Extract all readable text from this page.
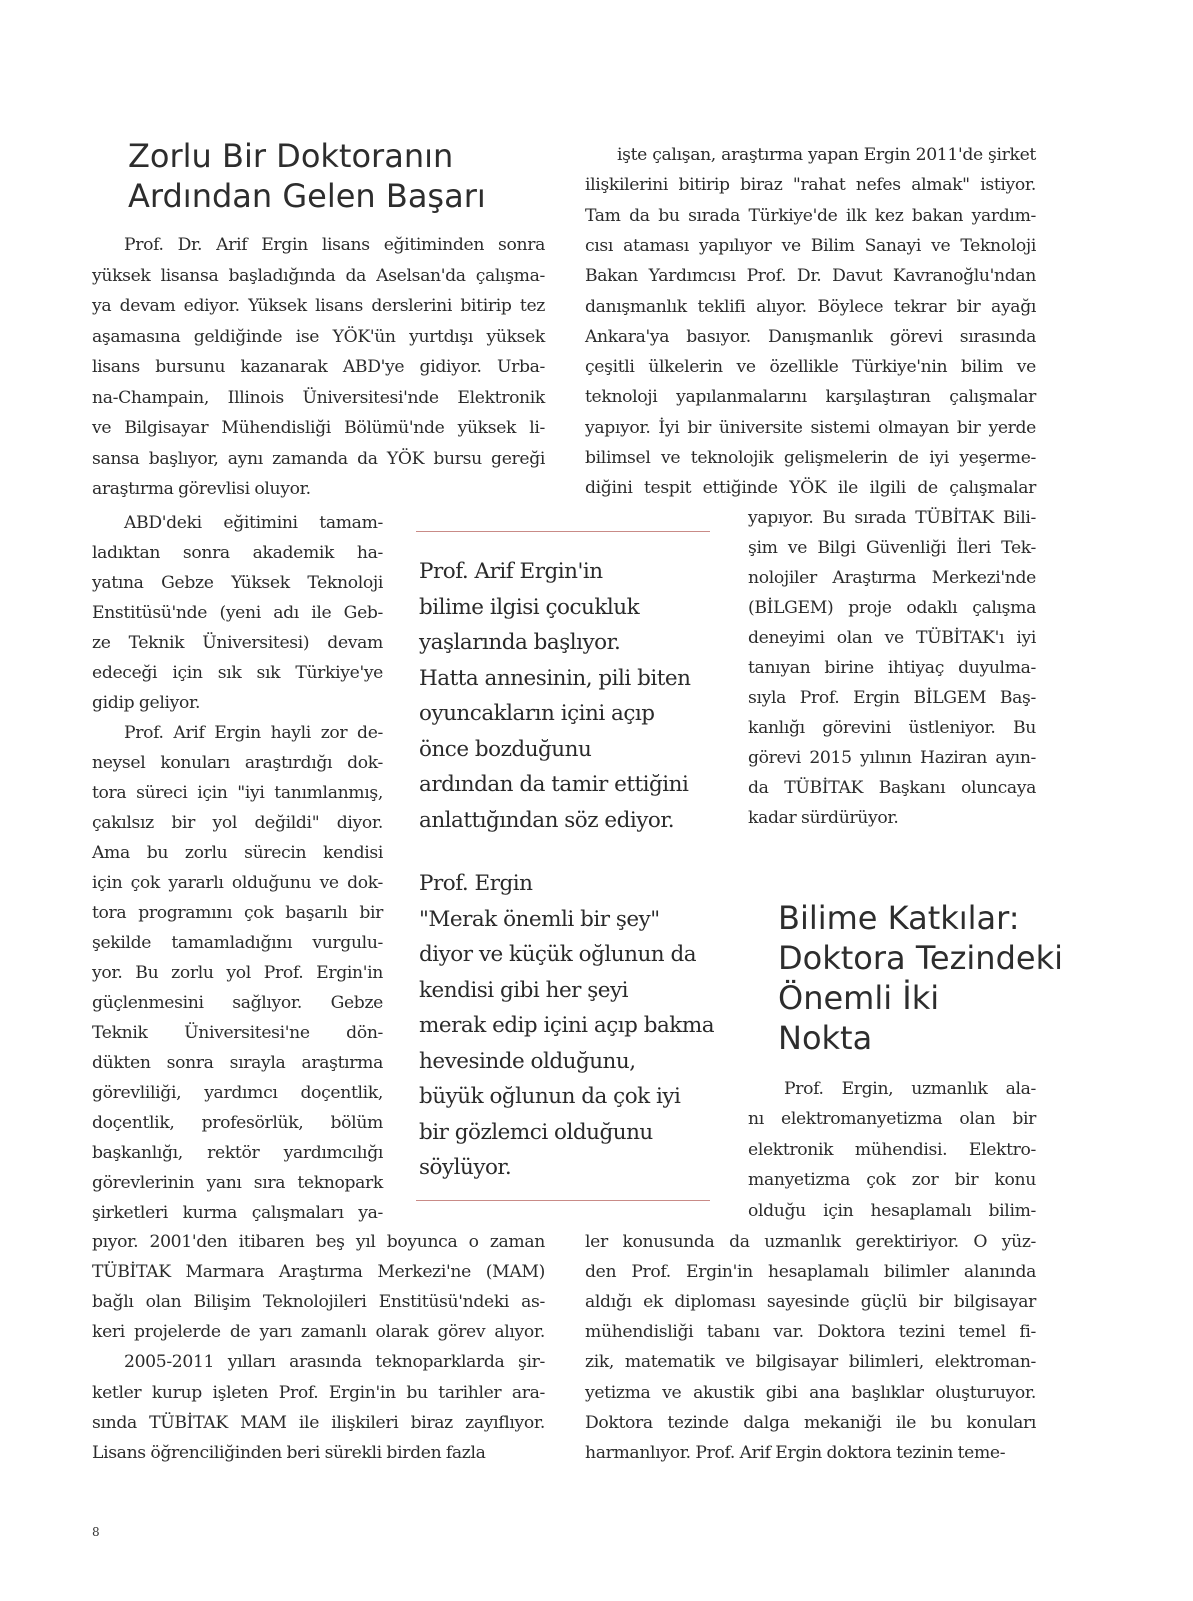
Zorlu Bir Doktoranın
Ardından Gelen Başarı
Prof. Dr. Arif Ergin lisans eğitiminden sonra
yüksek lisansa başladığında da Aselsan'da çalışma-
ya devam ediyor. Yüksek lisans derslerini bitirip tez
aşamasına geldiğinde ise YÖK'ün yurtdışı yüksek
lisans bursunu kazanarak ABD'ye gidiyor. Urba-
na-Champain, Illinois Üniversitesi'nde Elektronik
ve Bilgisayar Mühendisliği Bölümü'nde yüksek li-
sansa başlıyor, aynı zamanda da YÖK bursu gereği
araştırma görevlisi oluyor.
ABD'deki eğitimini tamam-
ladıktan sonra akademik ha-
yatına Gebze Yüksek Teknoloji
Enstitüsü'nde (yeni adı ile Geb-
ze Teknik Üniversitesi) devam
edeceği için sık sık Türkiye'ye
gidip geliyor.
Prof. Arif Ergin hayli zor de-
neysel konuları araştırdığı dok-
tora süreci için "iyi tanımlanmış,
çakılsız bir yol değildi" diyor.
Ama bu zorlu sürecin kendisi
için çok yararlı olduğunu ve dok-
tora programını çok başarılı bir
şekilde tamamladığını vurgulu-
yor. Bu zorlu yol Prof. Ergin'in
güçlenmesini sağlıyor. Gebze
Teknik Üniversitesi'ne dön-
dükten sonra sırayla araştırma
görevliliği, yardımcı doçentlik,
doçentlik, profesörlük, bölüm
başkanlığı, rektör yardımcılığı
görevlerinin yanı sıra teknopark
şirketleri kurma çalışmaları ya-
pıyor. 2001'den itibaren beş yıl boyunca o zaman
TÜBİTAK Marmara Araştırma Merkezi'ne (MAM)
bağlı olan Bilişim Teknolojileri Enstitüsü'ndeki as-
keri projelerde de yarı zamanlı olarak görev alıyor.
2005-2011 yılları arasında teknoparklarda şir-
ketler kurup işleten Prof. Ergin'in bu tarihler ara-
sında TÜBİTAK MAM ile ilişkileri biraz zayıflıyor.
Lisans öğrenciliğinden beri sürekli birden fazla
işte çalışan, araştırma yapan Ergin 2011'de şirket
ilişkilerini bitirip biraz "rahat nefes almak" istiyor.
Tam da bu sırada Türkiye'de ilk kez bakan yardım-
cısı ataması yapılıyor ve Bilim Sanayi ve Teknoloji
Bakan Yardımcısı Prof. Dr. Davut Kavranoğlu'ndan
danışmanlık teklifi alıyor. Böylece tekrar bir ayağı
Ankara'ya basıyor. Danışmanlık görevi sırasında
çeşitli ülkelerin ve özellikle Türkiye'nin bilim ve
teknoloji yapılanmalarını karşılaştıran çalışmalar
yapıyor. İyi bir üniversite sistemi olmayan bir yerde
bilimsel ve teknolojik gelişmelerin de iyi yeşerme-
diğini tespit ettiğinde YÖK ile ilgili de çalışmalar
yapıyor. Bu sırada TÜBİTAK Bili-
şim ve Bilgi Güvenliği İleri Tek-
nolojiler Araştırma Merkezi'nde
(BİLGEM) proje odaklı çalışma
deneyimi olan ve TÜBİTAK'ı iyi
tanıyan birine ihtiyaç duyulma-
sıyla Prof. Ergin BİLGEM Baş-
kanlığı görevini üstleniyor. Bu
görevi 2015 yılının Haziran ayın-
da TÜBİTAK Başkanı oluncaya
kadar sürdürüyor.
Prof. Ergin, uzmanlık ala-
nı elektromanyetizma olan bir
elektronik mühendisi. Elektro-
manyetizma çok zor bir konu
olduğu için hesaplamalı bilim-
ler konusunda da uzmanlık gerektiriyor. O yüz-
den Prof. Ergin'in hesaplamalı bilimler alanında
aldığı ek diploması sayesinde güçlü bir bilgisayar
mühendisliği tabanı var. Doktora tezini temel fi-
zik, matematik ve bilgisayar bilimleri, elektroman-
yetizma ve akustik gibi ana başlıklar oluşturuyor.
Doktora tezinde dalga mekaniği ile bu konuları
harmanlıyor. Prof. Arif Ergin doktora tezinin teme-
Prof. Arif Ergin'in
bilime ilgisi çocukluk
yaşlarında başlıyor.
Hatta annesinin, pili biten
oyuncakların içini açıp
önce bozduğunu
ardından da tamir ettiğini
anlattığından söz ediyor.
Prof. Ergin
"Merak önemli bir şey"
diyor ve küçük oğlunun da
kendisi gibi her şeyi
merak edip içini açıp bakma
hevesinde olduğunu,
büyük oğlunun da çok iyi
bir gözlemci olduğunu
söylüyor.
Bilime Katkılar:
Doktora Tezindeki
Önemli İki
Nokta
8
